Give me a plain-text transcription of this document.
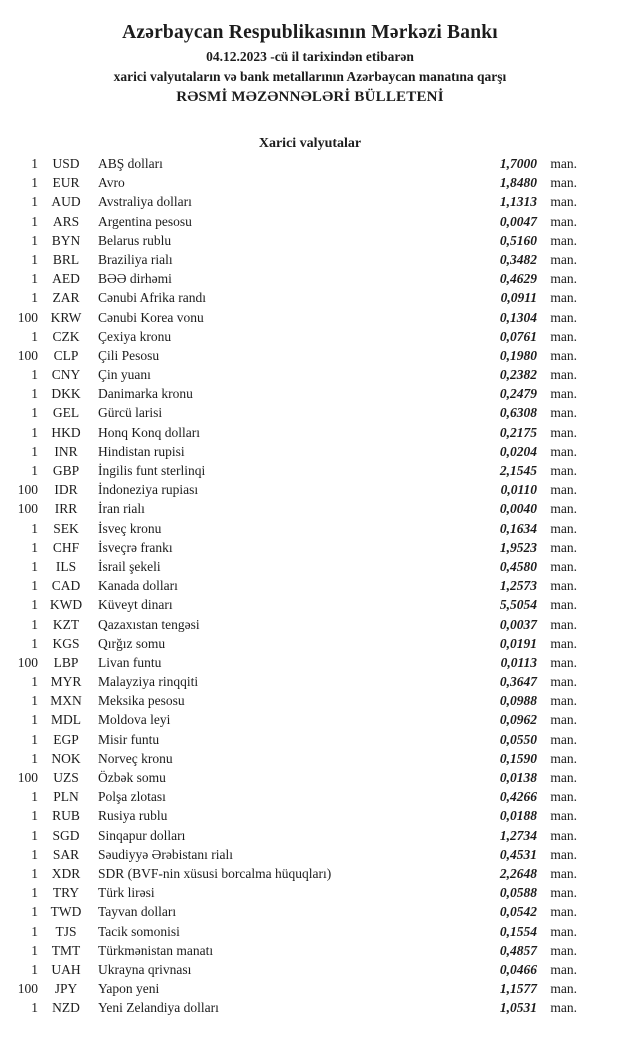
Azərbaycan Respublikasının Mərkəzi Bankı
04.12.2023 -cü il tarixindən etibarən
xarici valyutaların və bank metallarının Azərbaycan manatına qarşı
RƏSMİ MƏZƏNNƏLƏRİ BÜLLETENİ
Xarici valyutalar
1	USD	ABŞ dolları	1,7000 man.
1	EUR	Avro	1,8480 man.
1 AUD	Avstraliya dolları	1,1313 man.
1	ARS	Argentina pesosu	0,0047 man.
1	BYN	Belarus rublu	0,5160 man.
1	BRL	Braziliya rialı	0,3482 man.
1	AED	BƏƏ dirhəmi	0,4629 man.
1	ZAR	Cənubi Afrika randı	0,0911 man.
100 KRW	Cənubi Korea vonu	0,1304 man.
1	CZK	Çexiya kronu	0,0761 man.
100	CLP	Çili Pesosu	0,1980 man.
1	CNY	Çin yuanı	0,2382 man.
1 DKK	Danimarka kronu	0,2479 man.
1	GEL	Gürcü larisi	0,6308 man.
1 HKD	Honq Konq dolları	0,2175 man.
1	INR	Hindistan rupisi	0,0204 man.
1	GBP	İngilis funt sterlinqi	2,1545 man.
100	IDR	İndoneziya rupiası	0,0110 man.
100	IRR	İran rialı	0,0040 man.
1	SEK	İsveç kronu	0,1634 man.
1	CHF	İsveçrə frankı	1,9523 man.
1	ILS	İsrail şekeli	0,4580 man.
1	CAD	Kanada dolları	1,2573 man.
1 KWD	Küveyt dinarı	5,5054 man.
1	KZT	Qazaxıstan tengəsi	0,0037 man.
1	KGS	Qırğız somu	0,0191 man.
100	LBP	Livan funtu	0,0113 man.
1 MYR	Malayziya rinqqiti	0,3647 man.
1 MXN	Meksika pesosu	0,0988 man.
1 MDL	Moldova leyi	0,0962 man.
1	EGP	Misir funtu	0,0550 man.
1 NOK	Norveç kronu	0,1590 man.
100	UZS	Özbək somu	0,0138 man.
1	PLN	Polşa zlotası	0,4266 man.
1	RUB	Rusiya rublu	0,0188 man.
1	SGD	Sinqapur dolları	1,2734 man.
1	SAR	Səudiyyə Ərəbistanı rialı	0,4531 man.
1	XDR	SDR (BVF-nin xüsusi borcalma hüquqları)	2,2648 man.
1	TRY	Türk lirəsi	0,0588 man.
1 TWD	Tayvan dolları	0,0542 man.
1	TJS	Tacik somonisi	0,1554 man.
1	TMT	Türkmənistan manatı	0,4857 man.
1 UAH	Ukrayna qrivnası	0,0466 man.
100	JPY	Yapon yeni	1,1577 man.
1	NZD	Yeni Zelandiya dolları	1,0531 man.
